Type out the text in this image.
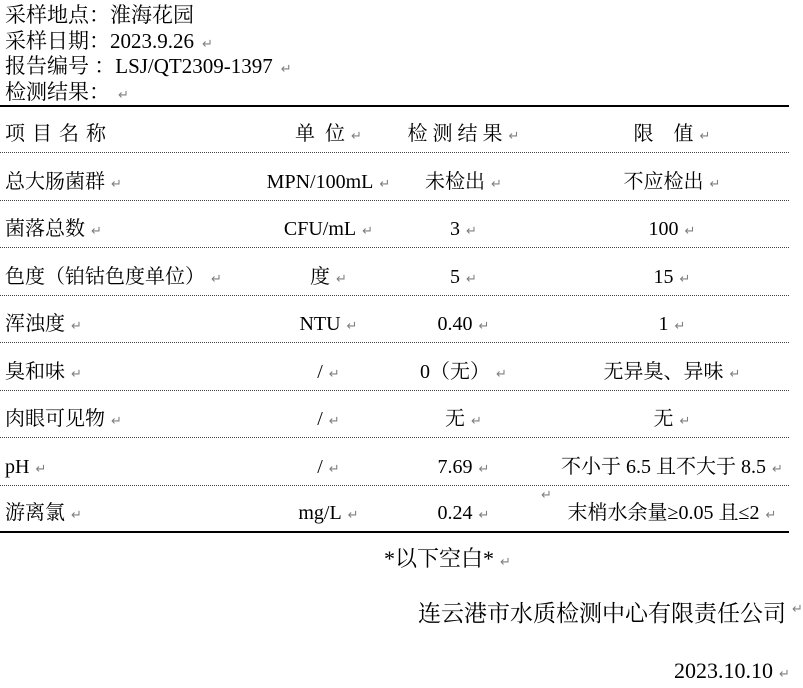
采样地点：淮海花园
采样日期：2023.9.26 ↵
报告编号 ：LSJ/QT2309-1397 ↵
检测结果： ↵
项 目 名 称	单  位 ↵	检 测 结 果 ↵	限　值 ↵
总大肠菌群 ↵	MPN/100mL ↵	未检出 ↵	不应检出 ↵
菌落总数 ↵	CFU/mL ↵	3 ↵	100 ↵
色度（铂钴色度单位） ↵	度 ↵	5 ↵	15 ↵
浑浊度 ↵	NTU ↵	0.40 ↵	1 ↵
臭和味 ↵	/ ↵	0（无） ↵	无异臭、异味 ↵
肉眼可见物 ↵	/ ↵	无 ↵	无 ↵
pH ↵	/ ↵	7.69 ↵	不小于 6.5 且不大于 8.5 ↵
游离氯 ↵	mg/L ↵	0.24 ↵	末梢水余量≥0.05 且≤2 ↵
*以下空白* ↵
连云港市水质检测中心有限责任公司 ↵
2023.10.10 ↵
↵
